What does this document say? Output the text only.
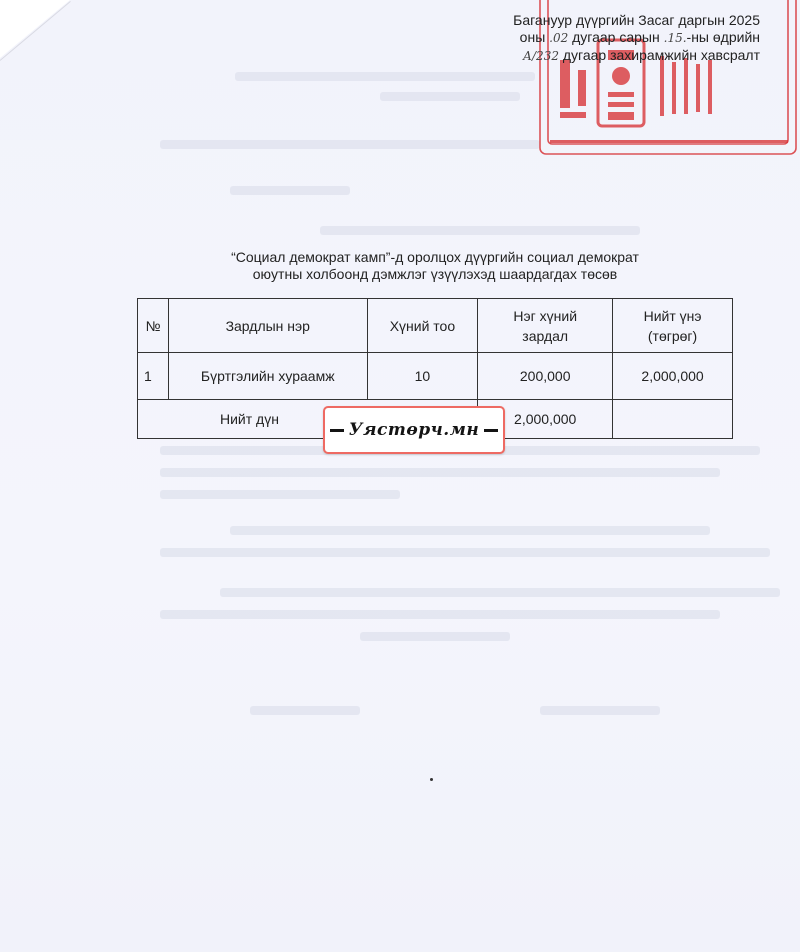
Багануур дүүргийн Засаг даргын 2025
оны .02 дугаар сарын .15.-ны өдрийн
А/232 дугаар захирамжийн хавсралт
“Социал демократ камп”-д оролцох дүүргийн социал демократ
оюутны холбоонд дэмжлэг үзүүлэхэд шаардагдах төсөв
№	Зардлын нэр	Хүний тоо	Нэг хүний зардал	Нийт үнэ (төгрөг)
1	Бүртгэлийн хураамж	10	200,000	2,000,000
Нийт дүн			2,000,000	
Уястөрч.мн
